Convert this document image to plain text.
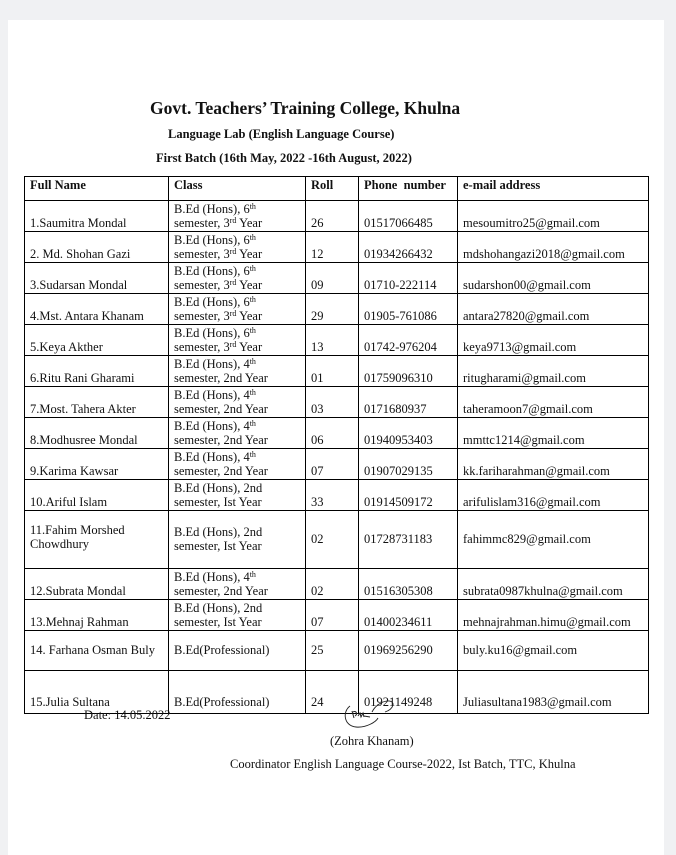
Govt. Teachers’ Training College, Khulna
Language Lab (English Language Course)
First Batch (16th May, 2022 -16th August, 2022)
Full Name	Class	Roll	Phone  number	e-mail address
1.Saumitra Mondal	B.Ed (Hons), 6th
semester, 3rd Year	26	01517066485	mesoumitro25@gmail.com
2. Md. Shohan Gazi	B.Ed (Hons), 6th
semester, 3rd Year	12	01934266432	mdshohangazi2018@gmail.com
3.Sudarsan Mondal	B.Ed (Hons), 6th
semester, 3rd Year	09	01710-222114	sudarshon00@gmail.com
4.Mst. Antara Khanam	B.Ed (Hons), 6th
semester, 3rd Year	29	01905-761086	antara27820@gmail.com
5.Keya Akther	B.Ed (Hons), 6th
semester, 3rd Year	13	01742-976204	keya9713@gmail.com
6.Ritu Rani Gharami	B.Ed (Hons), 4th
semester, 2nd Year	01	01759096310	ritugharami@gmail.com
7.Most. Tahera Akter	B.Ed (Hons), 4th
semester, 2nd Year	03	0171680937	taheramoon7@gmail.com
8.Modhusree Mondal	B.Ed (Hons), 4th
semester, 2nd Year	06	01940953403	mmttc1214@gmail.com
9.Karima Kawsar	B.Ed (Hons), 4th
semester, 2nd Year	07	01907029135	kk.fariharahman@gmail.com
10.Ariful Islam	B.Ed (Hons), 2nd
semester, Ist Year	33	01914509172	arifulislam316@gmail.com
11.Fahim Morshed Chowdhury	B.Ed (Hons), 2nd
semester, Ist Year	02	01728731183	fahimmc829@gmail.com
12.Subrata Mondal	B.Ed (Hons), 4th
semester, 2nd Year	02	01516305308	subrata0987khulna@gmail.com
13.Mehnaj Rahman	B.Ed (Hons), 2nd
semester, Ist Year	07	01400234611	mehnajrahman.himu@gmail.com
14. Farhana Osman Buly	B.Ed(Professional)	25	01969256290	buly.ku16@gmail.com
15.Julia Sultana	B.Ed(Professional)	24	01921149248	Juliasultana1983@gmail.com
Date: 14.05.2022
(Zohra Khanam)
Coordinator English Language Course-2022, Ist Batch, TTC, Khulna
